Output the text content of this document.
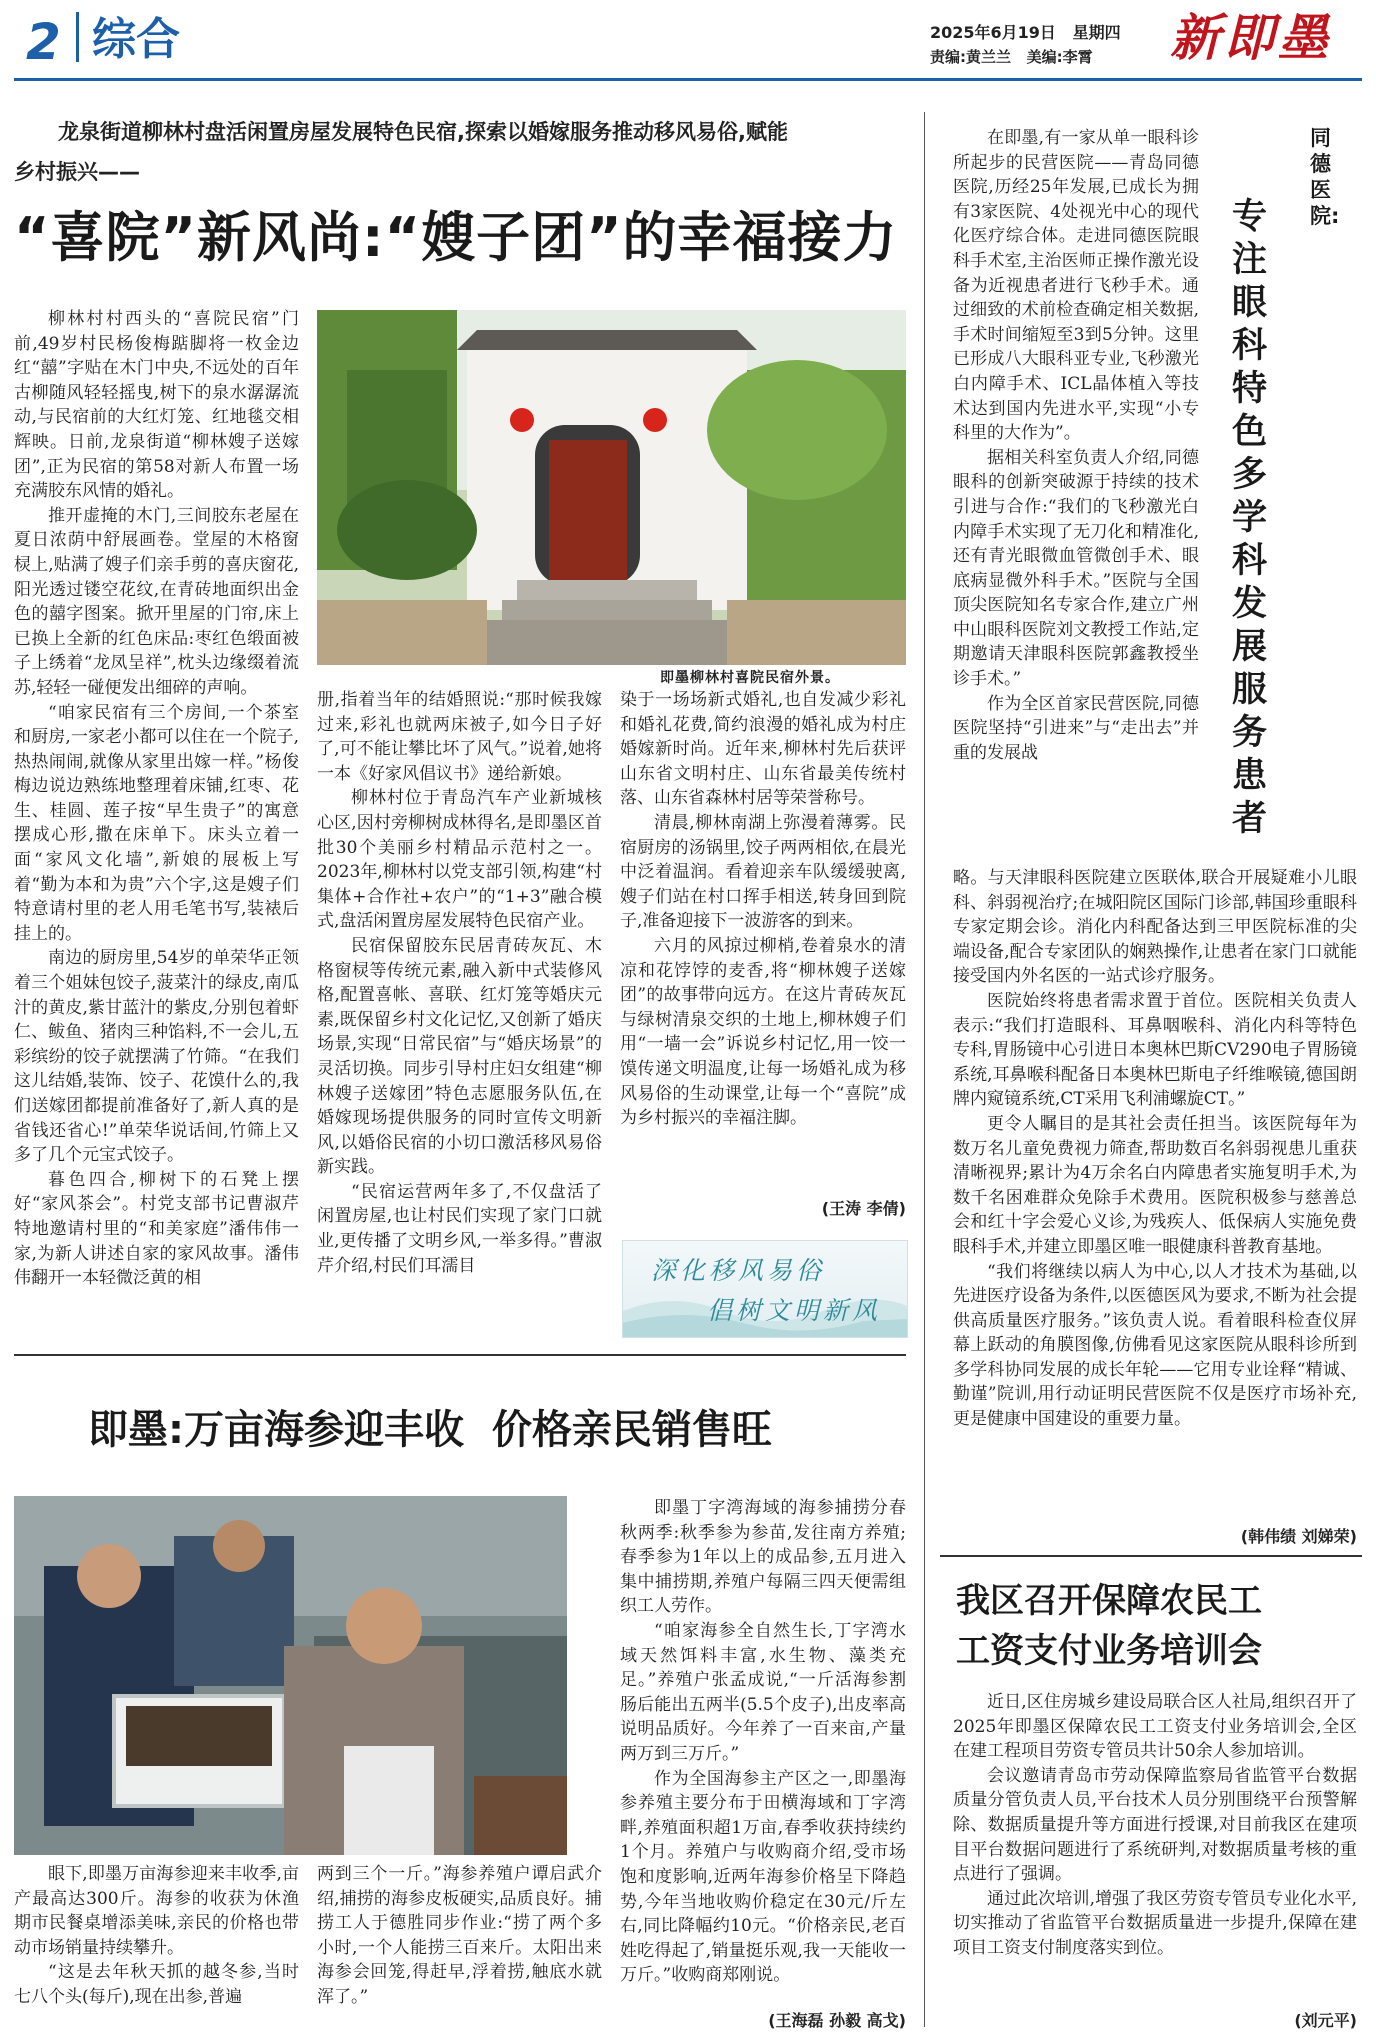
2 综合	2025年6月19日 星期四
责编:黄兰兰 美编:李霄 新即墨
龙泉街道柳林村盘活闲置房屋发展特色民宿,探索以婚嫁服务推动移风易俗,赋能
乡村振兴——
“喜院”新风尚:“嫂子团”的幸福接力
即墨柳林村喜院民宿外景。
柳林村村西头的“喜院民宿”门前,49岁村民杨俊梅踮脚将一枚金边红“囍”字贴在木门中央,不远处的百年古柳随风轻轻摇曳,树下的泉水潺潺流动,与民宿前的大红灯笼、红地毯交相辉映。日前,龙泉街道“柳林嫂子送嫁团”,正为民宿的第58对新人布置一场充满胶东风情的婚礼。
推开虚掩的木门,三间胶东老屋在夏日浓荫中舒展画卷。堂屋的木格窗棂上,贴满了嫂子们亲手剪的喜庆窗花,阳光透过镂空花纹,在青砖地面织出金色的囍字图案。掀开里屋的门帘,床上已换上全新的红色床品:枣红色缎面被子上绣着“龙凤呈祥”,枕头边缘缀着流苏,轻轻一碰便发出细碎的声响。
“咱家民宿有三个房间,一个茶室和厨房,一家老小都可以住在一个院子,热热闹闹,就像从家里出嫁一样。”杨俊梅边说边熟练地整理着床铺,红枣、花生、桂圆、莲子按“早生贵子”的寓意摆成心形,撒在床单下。床头立着一面“家风文化墙”,新娘的展板上写着“勤为本和为贵”六个字,这是嫂子们特意请村里的老人用毛笔书写,装裱后挂上的。
南边的厨房里,54岁的单荣华正领着三个姐妹包饺子,菠菜汁的绿皮,南瓜汁的黄皮,紫甘蓝汁的紫皮,分别包着虾仁、鲅鱼、猪肉三种馅料,不一会儿,五彩缤纷的饺子就摆满了竹筛。“在我们这儿结婚,装饰、饺子、花馍什么的,我们送嫁团都提前准备好了,新人真的是省钱还省心!”单荣华说话间,竹筛上又多了几个元宝式饺子。
暮色四合,柳树下的石凳上摆好“家风茶会”。村党支部书记曹淑芹特地邀请村里的“和美家庭”潘伟伟一家,为新人讲述自家的家风故事。潘伟伟翻开一本轻微泛黄的相
册,指着当年的结婚照说:“那时候我嫁过来,彩礼也就两床被子,如今日子好了,可不能让攀比坏了风气。”说着,她将一本《好家风倡议书》递给新娘。
柳林村位于青岛汽车产业新城核心区,因村旁柳树成林得名,是即墨区首批30个美丽乡村精品示范村之一。2023年,柳林村以党支部引领,构建“村集体+合作社+农户”的“1+3”融合模式,盘活闲置房屋发展特色民宿产业。
民宿保留胶东民居青砖灰瓦、木格窗棂等传统元素,融入新中式装修风格,配置喜帐、喜联、红灯笼等婚庆元素,既保留乡村文化记忆,又创新了婚庆场景,实现“日常民宿”与“婚庆场景”的灵活切换。同步引导村庄妇女组建“柳林嫂子送嫁团”特色志愿服务队伍,在婚嫁现场提供服务的同时宣传文明新风,以婚俗民宿的小切口激活移风易俗新实践。
“民宿运营两年多了,不仅盘活了闲置房屋,也让村民们实现了家门口就业,更传播了文明乡风,一举多得。”曹淑芹介绍,村民们耳濡目
染于一场场新式婚礼,也自发减少彩礼和婚礼花费,简约浪漫的婚礼成为村庄婚嫁新时尚。近年来,柳林村先后获评山东省文明村庄、山东省最美传统村落、山东省森林村居等荣誉称号。
清晨,柳林南湖上弥漫着薄雾。民宿厨房的汤锅里,饺子两两相依,在晨光中泛着温润。看着迎亲车队缓缓驶离,嫂子们站在村口挥手相送,转身回到院子,准备迎接下一波游客的到来。
六月的风掠过柳梢,卷着泉水的清凉和花饽饽的麦香,将“柳林嫂子送嫁团”的故事带向远方。在这片青砖灰瓦与绿树清泉交织的土地上,柳林嫂子们用“一墙一会”诉说乡村记忆,用一饺一馍传递文明温度,让每一场婚礼成为移风易俗的生动课堂,让每一个“喜院”成为乡村振兴的幸福注脚。
(王涛 李倩)
深化移风易俗
倡树文明新风
即墨:万亩海参迎丰收  价格亲民销售旺
眼下,即墨万亩海参迎来丰收季,亩产最高达300斤。海参的收获为休渔期市民餐桌增添美味,亲民的价格也带动市场销量持续攀升。
“这是去年秋天抓的越冬参,当时七八个头(每斤),现在出参,普遍
两到三个一斤。”海参养殖户谭启武介绍,捕捞的海参皮板硬实,品质良好。捕捞工人于德胜同步作业:“捞了两个多小时,一个人能捞三百来斤。太阳出来海参会回笼,得赶早,浮着捞,触底水就浑了。”
即墨丁字湾海域的海参捕捞分春秋两季:秋季参为参苗,发往南方养殖;春季参为1年以上的成品参,五月进入集中捕捞期,养殖户每隔三四天便需组织工人劳作。
“咱家海参全自然生长,丁字湾水域天然饵料丰富,水生物、藻类充足。”养殖户张孟成说,“一斤活海参割肠后能出五两半(5.5个皮子),出皮率高说明品质好。今年养了一百来亩,产量两万到三万斤。”
作为全国海参主产区之一,即墨海参养殖主要分布于田横海域和丁字湾畔,养殖面积超1万亩,春季收获持续约1个月。养殖户与收购商介绍,受市场饱和度影响,近两年海参价格呈下降趋势,今年当地收购价稳定在30元/斤左右,同比降幅约10元。“价格亲民,老百姓吃得起了,销量挺乐观,我一天能收一万斤。”收购商郑刚说。
(王海磊 孙毅 高戈)
同德医院:
专注眼科特色  多学科发展服务患者
在即墨,有一家从单一眼科诊所起步的民营医院——青岛同德医院,历经25年发展,已成长为拥有3家医院、4处视光中心的现代化医疗综合体。走进同德医院眼科手术室,主治医师正操作激光设备为近视患者进行飞秒手术。通过细致的术前检查确定相关数据,手术时间缩短至3到5分钟。这里已形成八大眼科亚专业,飞秒激光白内障手术、ICL晶体植入等技术达到国内先进水平,实现“小专科里的大作为”。
据相关科室负责人介绍,同德眼科的创新突破源于持续的技术引进与合作:“我们的飞秒激光白内障手术实现了无刀化和精准化,还有青光眼微血管微创手术、眼底病显微外科手术。”医院与全国顶尖医院知名专家合作,建立广州中山眼科医院刘文教授工作站,定期邀请天津眼科医院郭鑫教授坐诊手术。”
作为全区首家民营医院,同德医院坚持“引进来”与“走出去”并重的发展战
略。与天津眼科医院建立医联体,联合开展疑难小儿眼科、斜弱视治疗;在城阳院区国际门诊部,韩国珍重眼科专家定期会诊。消化内科配备达到三甲医院标准的尖端设备,配合专家团队的娴熟操作,让患者在家门口就能接受国内外名医的一站式诊疗服务。
医院始终将患者需求置于首位。医院相关负责人表示:“我们打造眼科、耳鼻咽喉科、消化内科等特色专科,胃肠镜中心引进日本奥林巴斯CV290电子胃肠镜系统,耳鼻喉科配备日本奥林巴斯电子纤维喉镜,德国朗牌内窥镜系统,CT采用飞利浦螺旋CT。”
更令人瞩目的是其社会责任担当。该医院每年为数万名儿童免费视力筛查,帮助数百名斜弱视患儿重获清晰视界;累计为4万余名白内障患者实施复明手术,为数千名困难群众免除手术费用。医院积极参与慈善总会和红十字会爱心义诊,为残疾人、低保病人实施免费眼科手术,并建立即墨区唯一眼健康科普教育基地。
“我们将继续以病人为中心,以人才技术为基础,以先进医疗设备为条件,以医德医风为要求,不断为社会提供高质量医疗服务。”该负责人说。看着眼科检查仪屏幕上跃动的角膜图像,仿佛看见这家医院从眼科诊所到多学科协同发展的成长年轮——它用专业诠释“精诚、勤谨”院训,用行动证明民营医院不仅是医疗市场补充,更是健康中国建设的重要力量。
(韩伟绩 刘娣荣)
我区召开保障农民工
工资支付业务培训会
近日,区住房城乡建设局联合区人社局,组织召开了2025年即墨区保障农民工工资支付业务培训会,全区在建工程项目劳资专管员共计50余人参加培训。
会议邀请青岛市劳动保障监察局省监管平台数据质量分管负责人员,平台技术人员分别围绕平台预警解除、数据质量提升等方面进行授课,对目前我区在建项目平台数据问题进行了系统研判,对数据质量考核的重点进行了强调。
通过此次培训,增强了我区劳资专管员专业化水平,切实推动了省监管平台数据质量进一步提升,保障在建项目工资支付制度落实到位。
(刘元平)
